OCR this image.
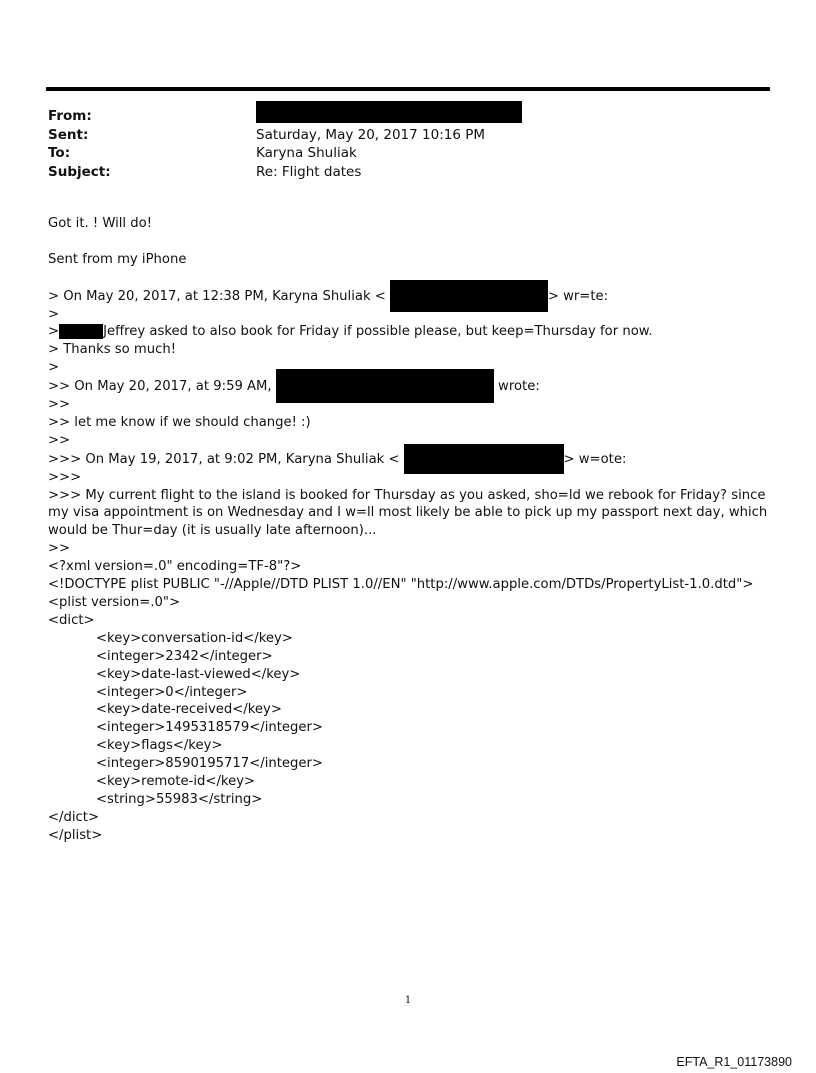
From:
Sent:	Saturday, May 20, 2017 10:16 PM
To:	Karyna Shuliak
Subject:	Re: Flight dates
Got it. ! Will do!
Sent from my iPhone
> On May 20, 2017, at 12:38 PM, Karyna Shuliak <	> wr=te:
>
>	Jeffrey asked to also book for Friday if possible please, but keep=Thursday for now.
> Thanks so much!
>
>> On May 20, 2017, at 9:59 AM,	wrote:
>>
>> let me know if we should change! :)
>>
>>> On May 19, 2017, at 9:02 PM, Karyna Shuliak <	> w=ote:
>>>
>>> My current flight to the island is booked for Thursday as you asked, sho=ld we rebook for Friday? since my visa appointment is on Wednesday and I w=ll most likely be able to pick up my passport next day, which would be Thur=day (it is usually late afternoon)...
>>
<?xml version=.0" encoding=TF-8"?>
<!DOCTYPE plist PUBLIC "-//Apple//DTD PLIST 1.0//EN" "http://www.apple.com/DTDs/PropertyList-1.0.dtd">
<plist version=.0">
<dict>
<key>conversation-id</key>
<integer>2342</integer>
<key>date-last-viewed</key>
<integer>0</integer>
<key>date-received</key>
<integer>1495318579</integer>
<key>flags</key>
<integer>8590195717</integer>
<key>remote-id</key>
<string>55983</string>
</dict>
</plist>
1
EFTA_R1_01173890
